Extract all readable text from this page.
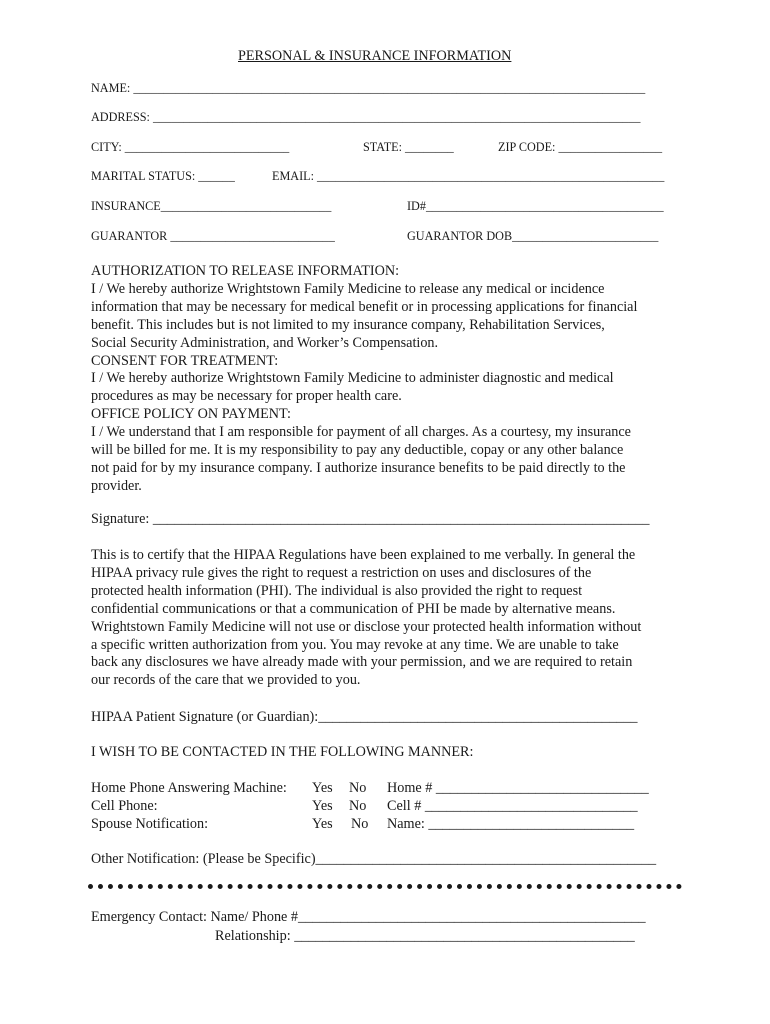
PERSONAL & INSURANCE INFORMATION
NAME: ____________________________________________________________________________________
ADDRESS: ________________________________________________________________________________
CITY: ___________________________	STATE: ________	ZIP CODE: _________________
MARITAL STATUS: ______	EMAIL: _________________________________________________________
INSURANCE____________________________	ID#_______________________________________
GUARANTOR ___________________________	GUARANTOR DOB________________________
AUTHORIZATION TO RELEASE INFORMATION:
I / We hereby authorize Wrightstown Family Medicine to release any medical or incidence
information that may be necessary for medical benefit or in processing applications for financial
benefit. This includes but is not limited to my insurance company, Rehabilitation Services,
Social Security Administration, and Worker’s Compensation.
CONSENT FOR TREATMENT:
I / We hereby authorize Wrightstown Family Medicine to administer diagnostic and medical
procedures as may be necessary for proper health care.
OFFICE POLICY ON PAYMENT:
I / We understand that I am responsible for payment of all charges. As a courtesy, my insurance
will be billed for me. It is my responsibility to pay any deductible, copay or any other balance
not paid for by my insurance company. I authorize insurance benefits to be paid directly to the
provider.
Signature: ______________________________________________________________________
This is to certify that the HIPAA Regulations have been explained to me verbally. In general the
HIPAA privacy rule gives the right to request a restriction on uses and disclosures of the
protected health information (PHI). The individual is also provided the right to request
confidential communications or that a communication of PHI be made by alternative means.
Wrightstown Family Medicine will not use or disclose your protected health information without
a specific written authorization from you. You may revoke at any time. We are unable to take
back any disclosures we have already made with your permission, and we are required to retain
our records of the care that we provided to you.
HIPAA Patient Signature (or Guardian):_____________________________________________
I WISH TO BE CONTACTED IN THE FOLLOWING MANNER:
Home Phone Answering Machine: Yes No Home # ______________________________
Cell Phone:	Yes No Cell # ______________________________
Spouse Notification:	Yes No Name: _____________________________
Other Notification: (Please be Specific)________________________________________________
Emergency Contact: Name/ Phone #_________________________________________________
Relationship: ________________________________________________
